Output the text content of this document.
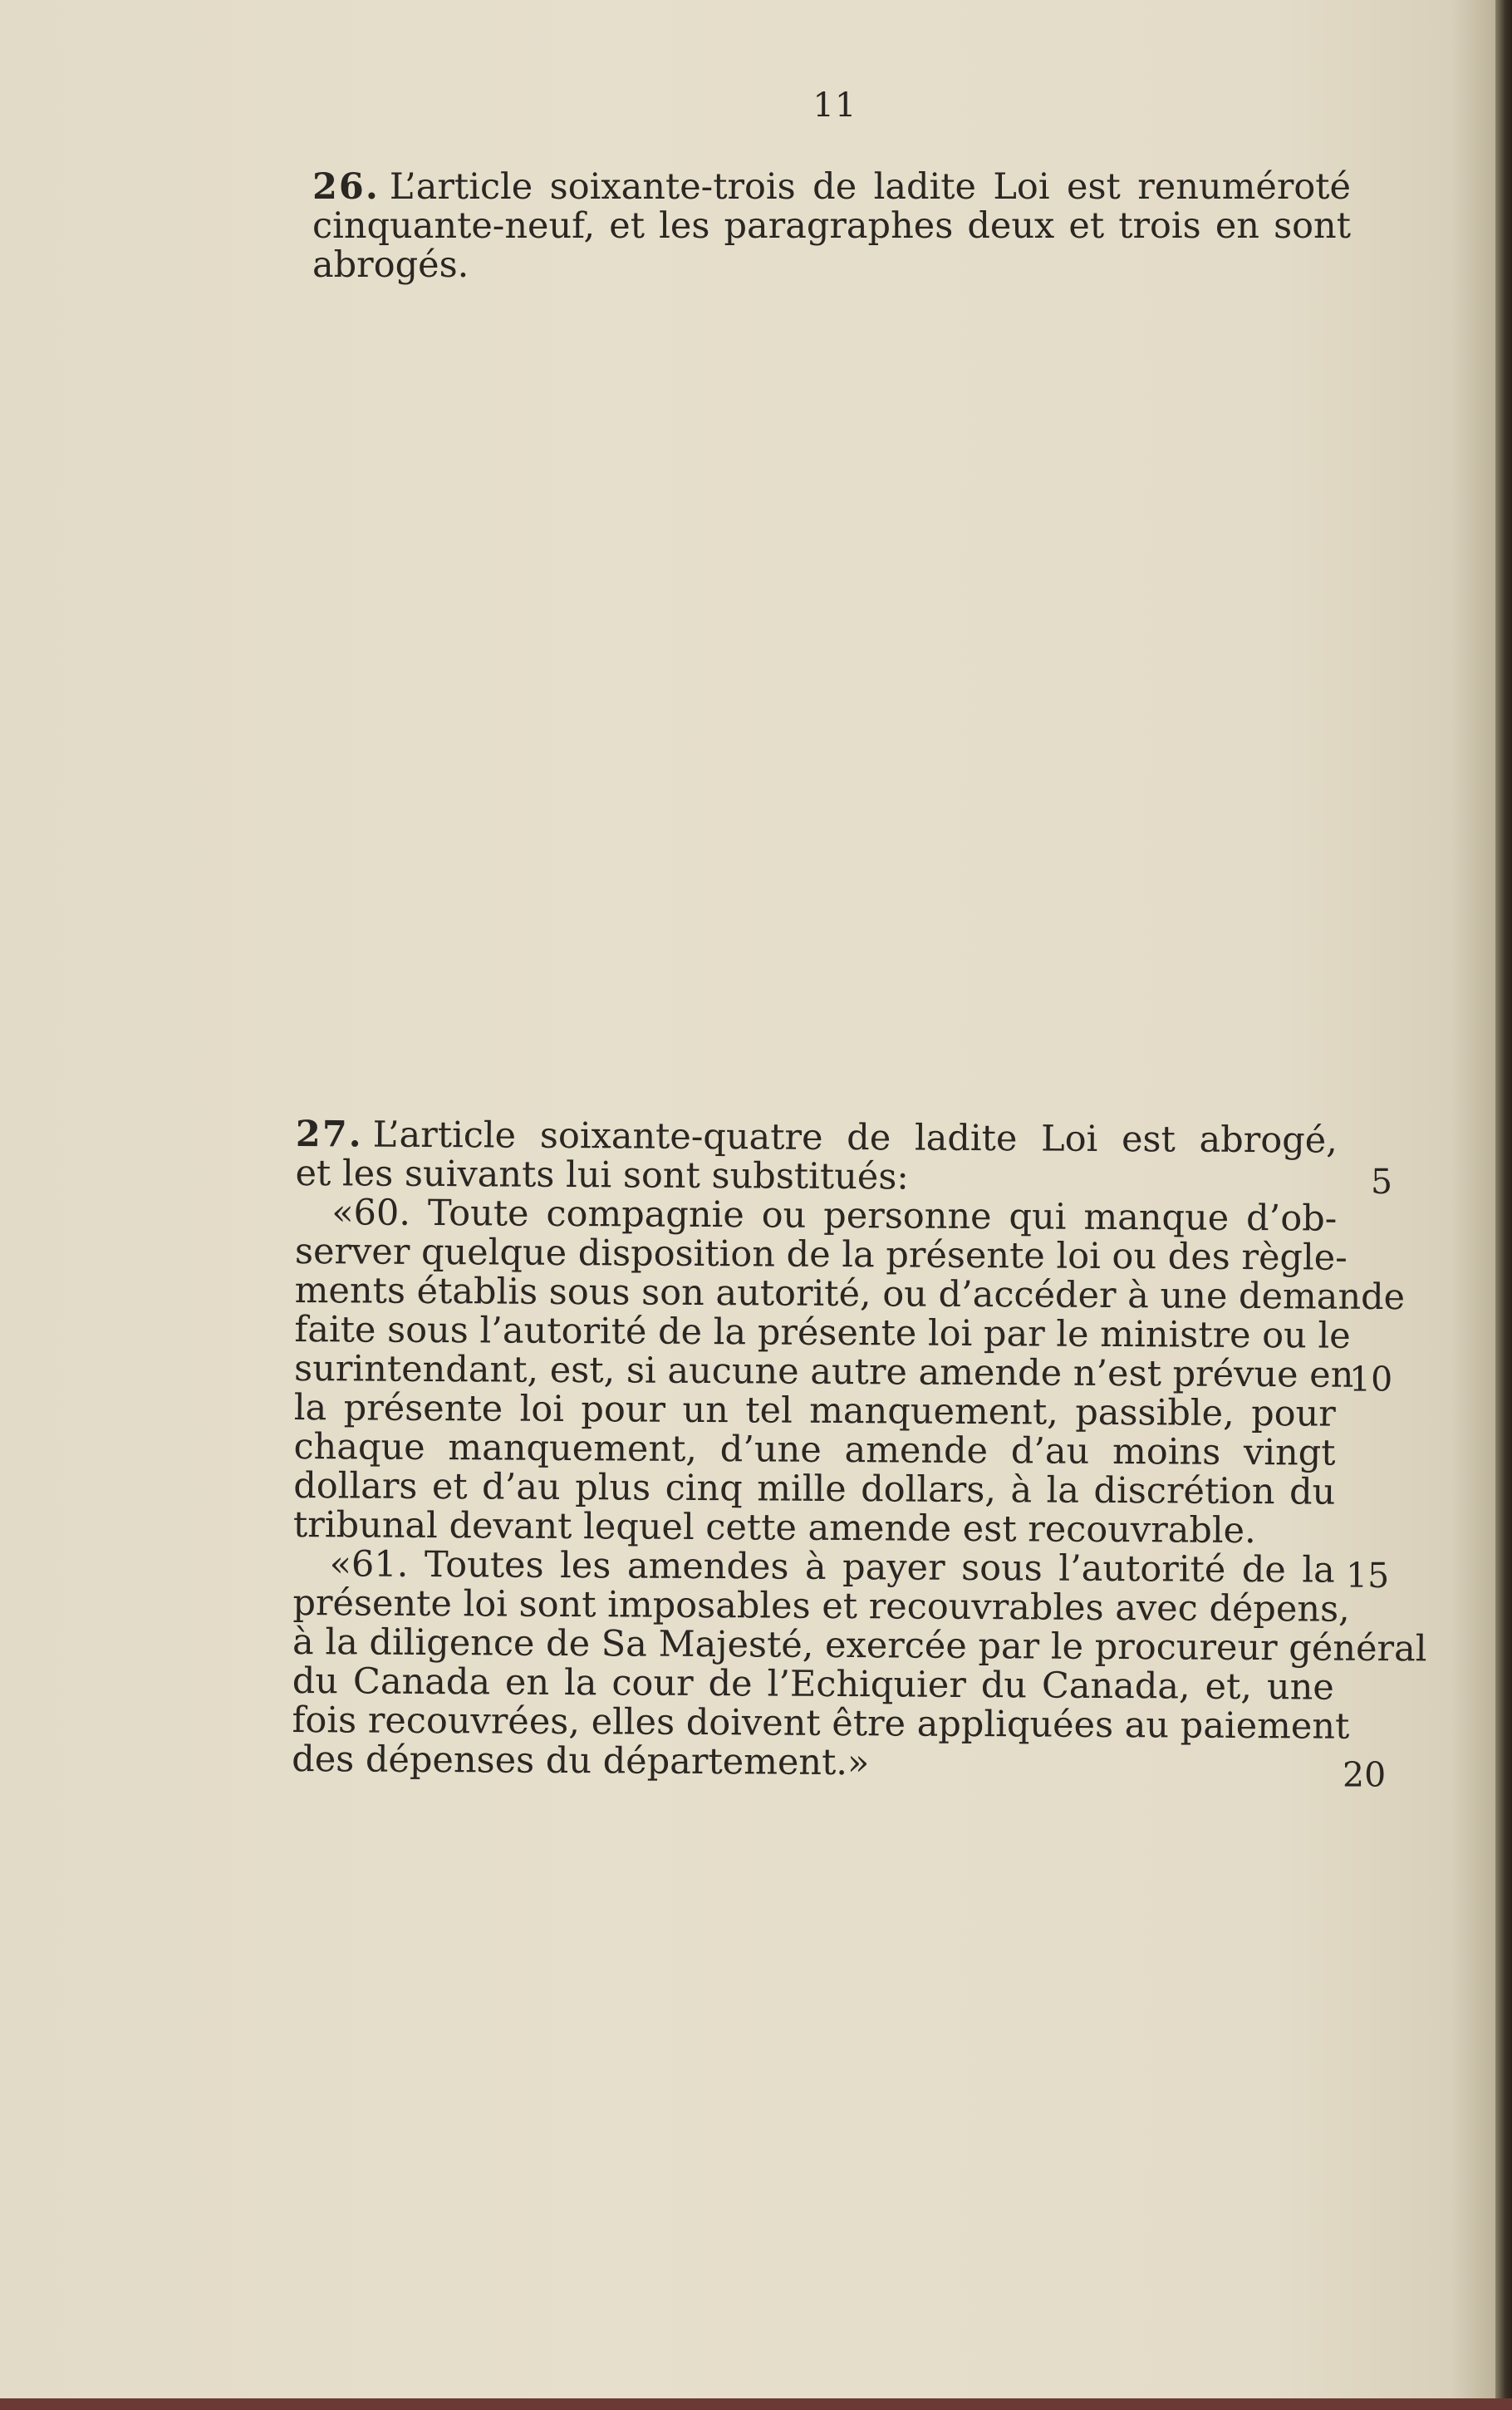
11

26. L’article soixante-trois de ladite Loi est renuméroté cinquante-neuf, et les paragraphes deux et trois en sont abrogés.

27. L’article soixante-quatre de ladite Loi est abrogé,
et les suivants lui sont substitués:
«60. Toute compagnie ou personne qui manque d’ob-
server quelque disposition de la présente loi ou des règle-
ments établis sous son autorité, ou d’accéder à une demande
faite sous l’autorité de la présente loi par le ministre ou le
surintendant, est, si aucune autre amende n’est prévue en
la présente loi pour un tel manquement, passible, pour
chaque manquement, d’une amende d’au moins vingt
dollars et d’au plus cinq mille dollars, à la discrétion du
tribunal devant lequel cette amende est recouvrable.
«61. Toutes les amendes à payer sous l’autorité de la
présente loi sont imposables et recouvrables avec dépens,
à la diligence de Sa Majesté, exercée par le procureur général
du Canada en la cour de l’Echiquier du Canada, et, une
fois recouvrées, elles doivent être appliquées au paiement
des dépenses du département.»
5
10
15
20
